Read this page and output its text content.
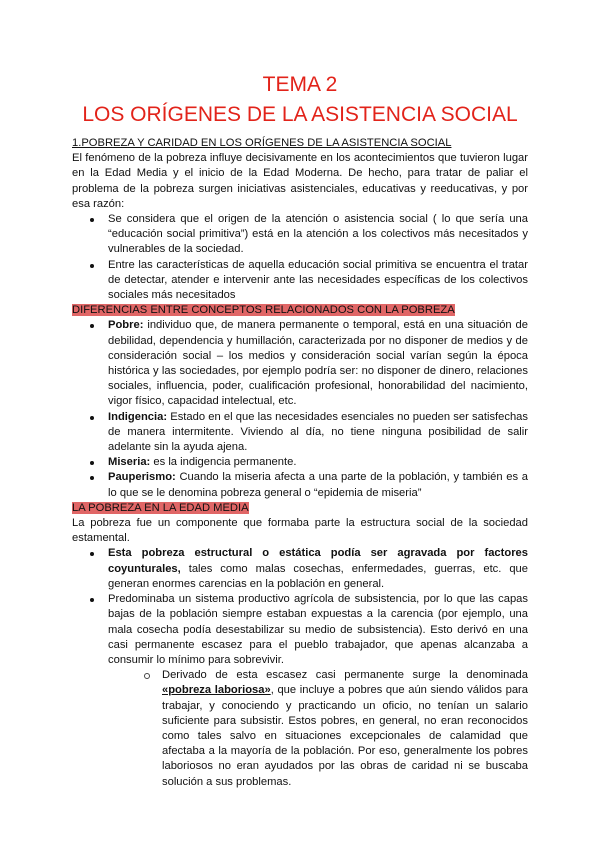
TEMA 2
LOS ORÍGENES DE LA ASISTENCIA SOCIAL

1.POBREZA Y CARIDAD EN LOS ORÍGENES DE LA ASISTENCIA SOCIAL

El fenómeno de la pobreza influye decisivamente en los acontecimientos que tuvieron lugar en la Edad Media y el inicio de la Edad Moderna. De hecho, para tratar de paliar el problema de la pobreza surgen iniciativas asistenciales, educativas y reeducativas, y por esa razón:

Se considera que el origen de la atención o asistencia social ( lo que sería una “educación social primitiva”) está en la atención a los colectivos más necesitados y vulnerables de la sociedad.
Entre las características de aquella educación social primitiva se encuentra el tratar de detectar, atender e intervenir ante las necesidades específicas de los colectivos sociales más necesitados

DIFERENCIAS ENTRE CONCEPTOS RELACIONADOS CON LA POBREZA

Pobre: individuo que, de manera permanente o temporal, está en una situación de debilidad, dependencia y humillación, caracterizada por no disponer de medios y de consideración social – los medios y consideración social varían según la época histórica y las sociedades, por ejemplo podría ser: no disponer de dinero, relaciones sociales, influencia, poder, cualificación profesional, honorabilidad del nacimiento, vigor físico, capacidad intelectual, etc.
Indigencia: Estado en el que las necesidades esenciales no pueden ser satisfechas de manera intermitente. Viviendo al día, no tiene ninguna posibilidad de salir adelante sin la ayuda ajena.
Miseria: es la indigencia permanente.
Pauperismo: Cuando la miseria afecta a una parte de la población, y también es a lo que se le denomina pobreza general o “epidemia de miseria”

LA POBREZA EN LA EDAD MEDIA

La pobreza fue un componente que formaba parte la estructura social de la sociedad estamental.

Esta pobreza estructural o estática podía ser agravada por factores coyunturales, tales como malas cosechas, enfermedades, guerras, etc. que generan enormes carencias en la población en general.
Predominaba un sistema productivo agrícola de subsistencia, por lo que las capas bajas de la población siempre estaban expuestas a la carencia (por ejemplo, una mala cosecha podía desestabilizar su medio de subsistencia). Esto derivó en una casi permanente escasez para el pueblo trabajador, que apenas alcanzaba a consumir lo mínimo para sobrevivir.
Derivado de esta escasez casi permanente surge la denominada «pobreza laboriosa», que incluye a pobres que aún siendo válidos para trabajar, y conociendo y practicando un oficio, no tenían un salario suficiente para subsistir. Estos pobres, en general, no eran reconocidos como tales salvo en situaciones excepcionales de calamidad que afectaba a la mayoría de la población. Por eso, generalmente los pobres laboriosos no eran ayudados por las obras de caridad ni se buscaba solución a sus problemas.
